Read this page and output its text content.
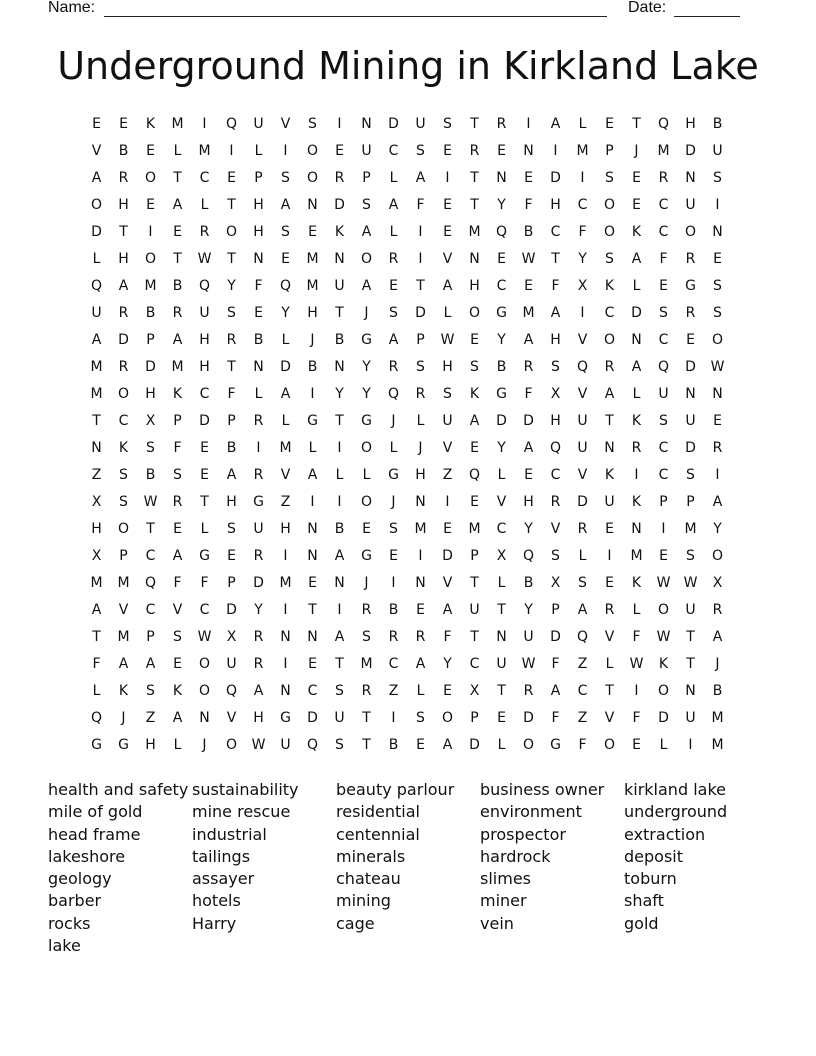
Name:	Date:
Underground Mining in Kirkland Lake
E	E	K	M	I	Q	U	V	S	I	N	D	U	S	T	R	I	A	L	E	T	Q	H	B
V	B	E	L	M	I	L	I	O	E	U	C	S	E	R	E	N	I	M	P	J	M	D	U
A	R	O	T	C	E	P	S	O	R	P	L	A	I	T	N	E	D	I	S	E	R	N	S
O	H	E	A	L	T	H	A	N	D	S	A	F	E	T	Y	F	H	C	O	E	C	U	I
D	T	I	E	R	O	H	S	E	K	A	L	I	E	M	Q	B	C	F	O	K	C	O	N
L	H	O	T	W	T	N	E	M	N	O	R	I	V	N	E	W	T	Y	S	A	F	R	E
Q	A	M	B	Q	Y	F	Q	M	U	A	E	T	A	H	C	E	F	X	K	L	E	G	S
U	R	B	R	U	S	E	Y	H	T	J	S	D	L	O	G	M	A	I	C	D	S	R	S
A	D	P	A	H	R	B	L	J	B	G	A	P	W	E	Y	A	H	V	O	N	C	E	O
M	R	D	M	H	T	N	D	B	N	Y	R	S	H	S	B	R	S	Q	R	A	Q	D	W
M	O	H	K	C	F	L	A	I	Y	Y	Q	R	S	K	G	F	X	V	A	L	U	N	N
T	C	X	P	D	P	R	L	G	T	G	J	L	U	A	D	D	H	U	T	K	S	U	E
N	K	S	F	E	B	I	M	L	I	O	L	J	V	E	Y	A	Q	U	N	R	C	D	R
Z	S	B	S	E	A	R	V	A	L	L	G	H	Z	Q	L	E	C	V	K	I	C	S	I
X	S	W	R	T	H	G	Z	I	I	O	J	N	I	E	V	H	R	D	U	K	P	P	A
H	O	T	E	L	S	U	H	N	B	E	S	M	E	M	C	Y	V	R	E	N	I	M	Y
X	P	C	A	G	E	R	I	N	A	G	E	I	D	P	X	Q	S	L	I	M	E	S	O
M	M	Q	F	F	P	D	M	E	N	J	I	N	V	T	L	B	X	S	E	K	W W	X
A	V	C	V	C	D	Y	I	T	I	R	B	E	A	U	T	Y	P	A	R	L	O	U	R
T	M	P	S	W	X	R	N	N	A	S	R	R	F	T	N	U	D	Q	V	F	W	T	A
F	A	A	E	O	U	R	I	E	T	M	C	A	Y	C	U	W	F	Z	L	W	K	T	J
L	K	S	K	O	Q	A	N	C	S	R	Z	L	E	X	T	R	A	C	T	I	O	N	B
Q	J	Z	A	N	V	H	G	D	U	T	I	S	O	P	E	D	F	Z	V	F	D	U	M
G	G	H	L	J	O	W	U	Q	S	T	B	E	A	D	L	O	G	F	O	E	L	I	M
health and safety
mile of gold
head frame
lakeshore
geology
barber
rocks
lake
sustainability
mine rescue
industrial
tailings
assayer
hotels
Harry
beauty parlour
residential
centennial
minerals
chateau
mining
cage
business owner
environment
prospector
hardrock
slimes
miner
vein
kirkland lake
underground
extraction
deposit
toburn
shaft
gold
